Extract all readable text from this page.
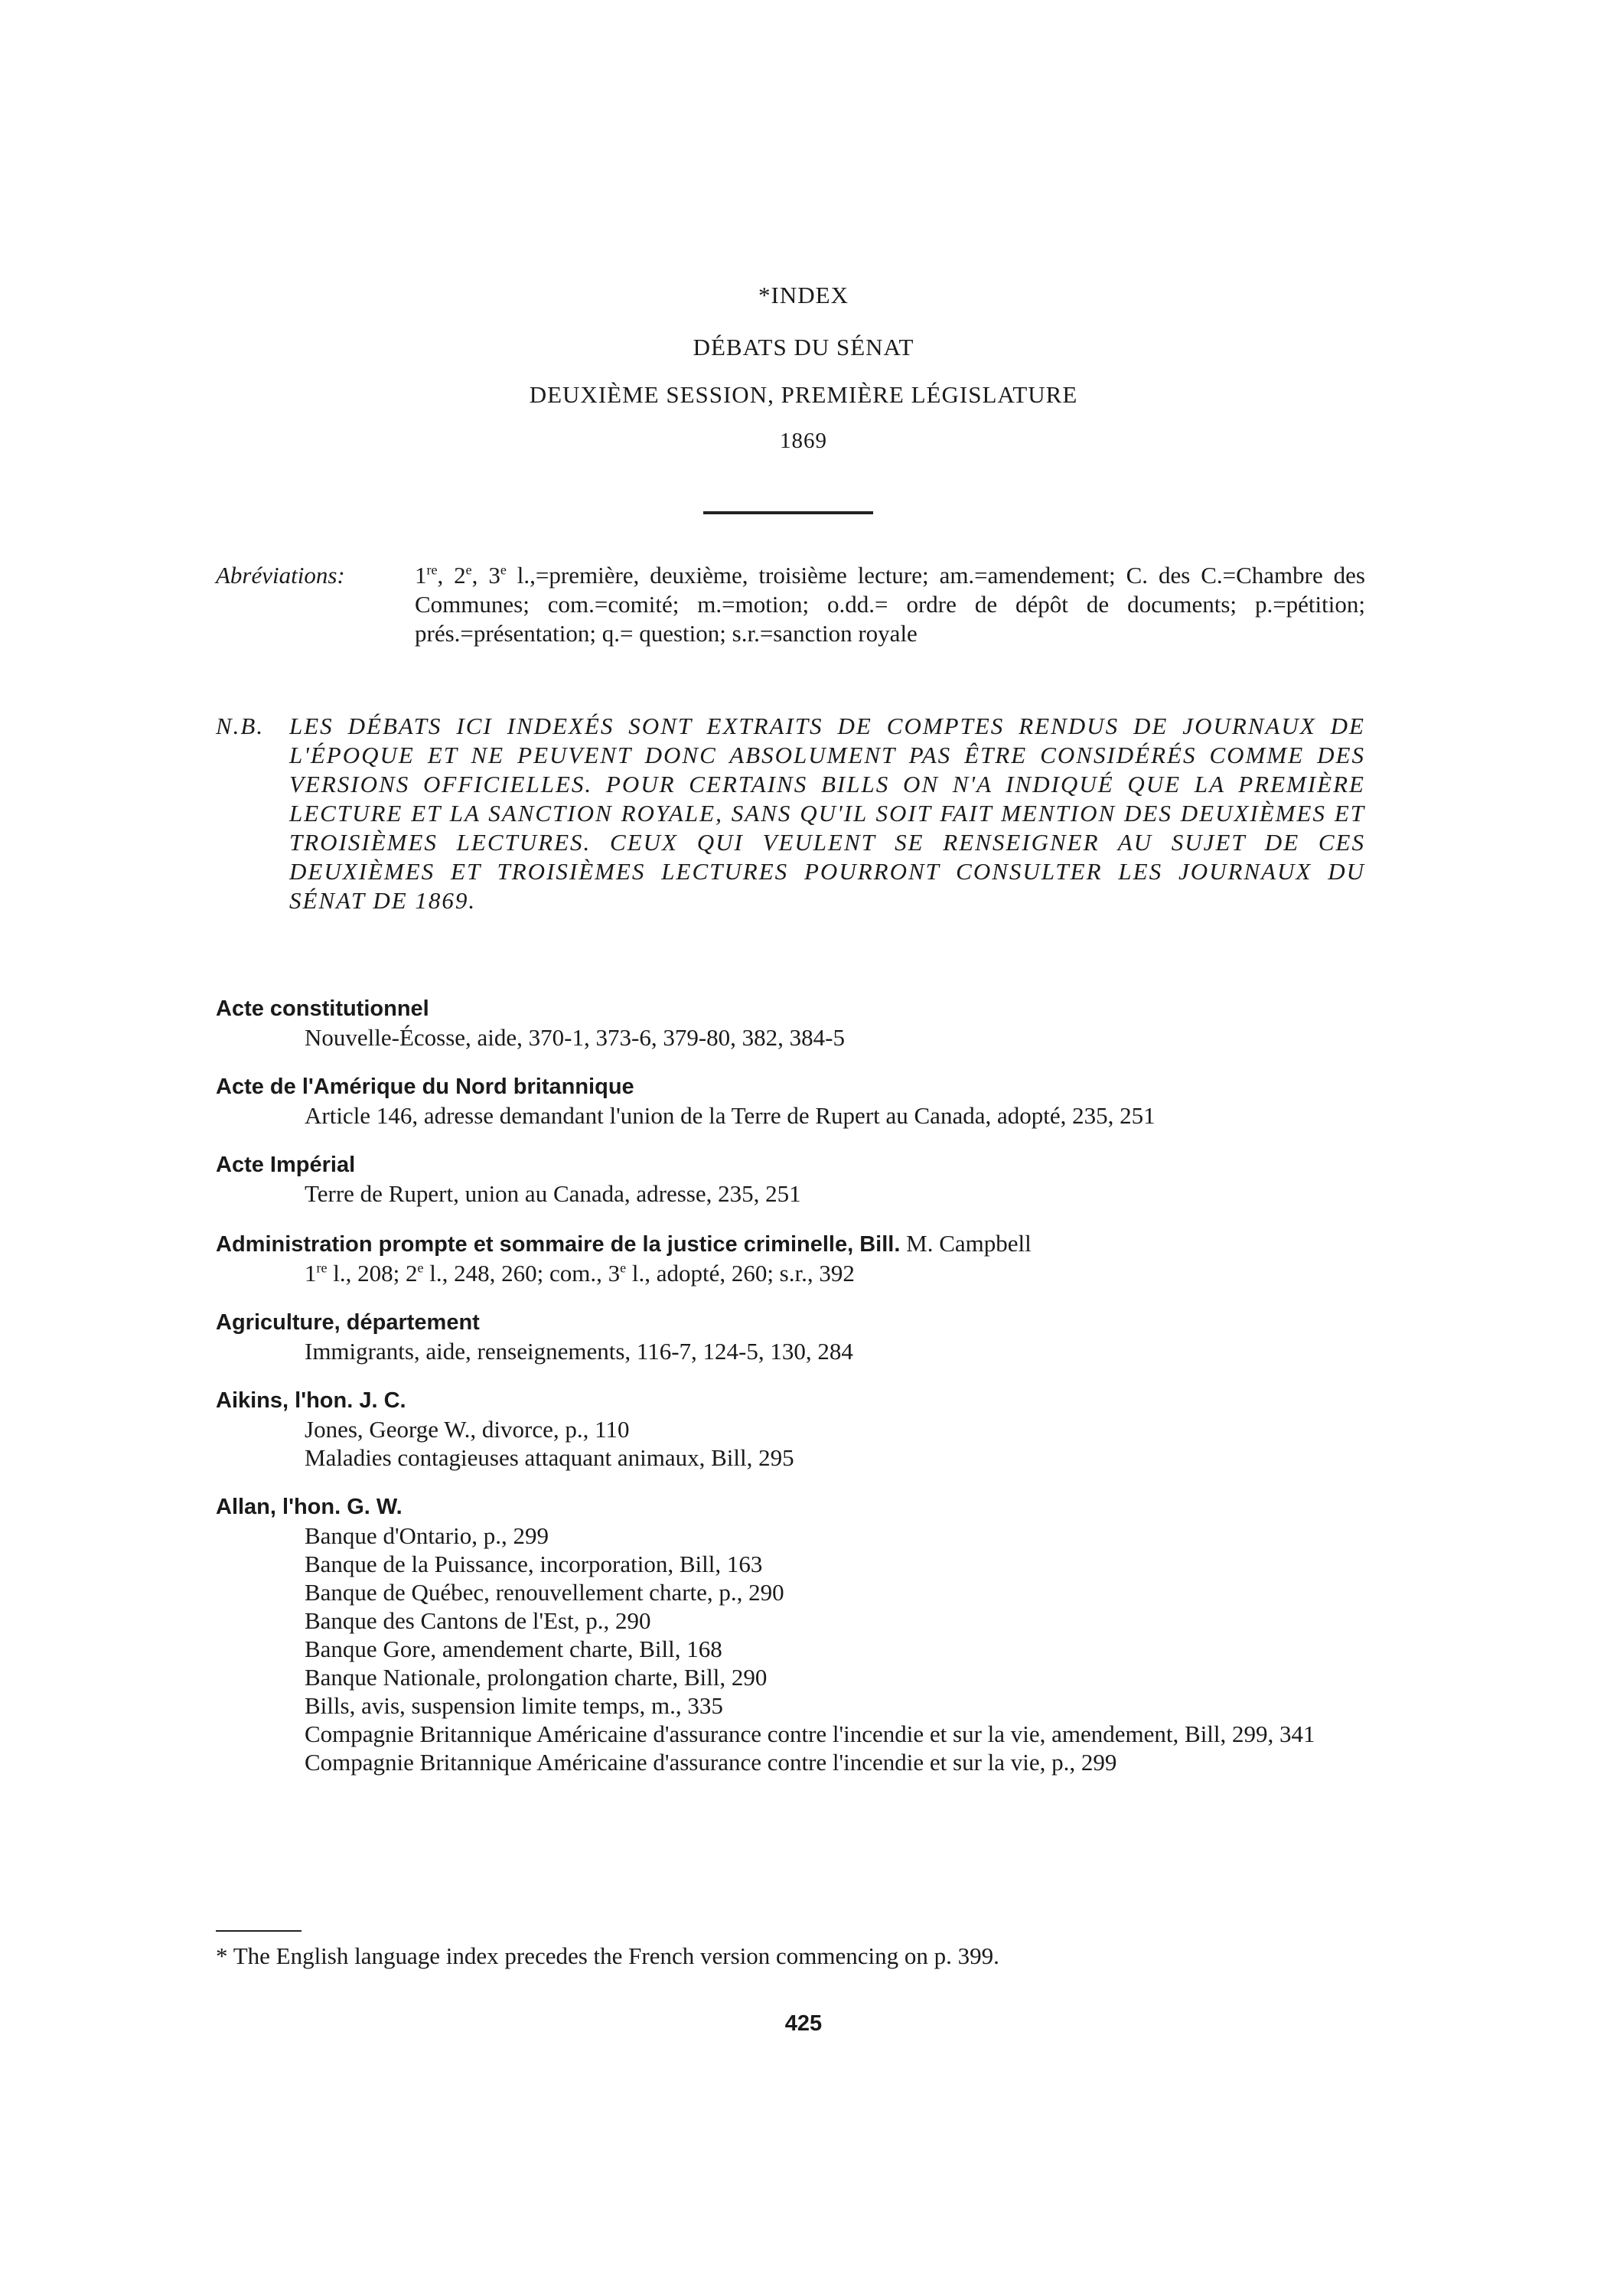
*INDEX
DÉBATS DU SÉNAT
DEUXIÈME SESSION, PREMIÈRE LÉGISLATURE
1869
Abréviations:	1re, 2e, 3e l.,=première, deuxième, troisième lecture; am.=amendement; C. des C.=Chambre des Communes; com.=comité; m.=motion; o.dd.= ordre de dépôt de documents; p.=pétition; prés.=présentation; q.= question; s.r.=sanction royale
N.B. LES DÉBATS ICI INDEXÉS SONT EXTRAITS DE COMPTES RENDUS DE JOURNAUX DE L'ÉPOQUE ET NE PEUVENT DONC ABSOLUMENT PAS ÊTRE CONSIDÉRÉS COMME DES VERSIONS OFFICIELLES. POUR CERTAINS BILLS ON N'A INDIQUÉ QUE LA PREMIÈRE LECTURE ET LA SANCTION ROYALE, SANS QU'IL SOIT FAIT MENTION DES DEUXIÈMES ET TROISIÈMES LECTURES. CEUX QUI VEULENT SE RENSEIGNER AU SUJET DE CES DEUXIÈMES ET TROISIÈMES LECTURES POURRONT CONSULTER LES JOURNAUX DU SÉNAT DE 1869.
Acte constitutionnel
Nouvelle-Écosse, aide, 370-1, 373-6, 379-80, 382, 384-5
Acte de l'Amérique du Nord britannique
Article 146, adresse demandant l'union de la Terre de Rupert au Canada, adopté, 235, 251
Acte Impérial
Terre de Rupert, union au Canada, adresse, 235, 251
Administration prompte et sommaire de la justice criminelle, Bill. M. Campbell
1re l., 208; 2e l., 248, 260; com., 3e l., adopté, 260; s.r., 392
Agriculture, département
Immigrants, aide, renseignements, 116-7, 124-5, 130, 284
Aikins, l'hon. J. C.
Jones, George W., divorce, p., 110
Maladies contagieuses attaquant animaux, Bill, 295
Allan, l'hon. G. W.
Banque d'Ontario, p., 299
Banque de la Puissance, incorporation, Bill, 163
Banque de Québec, renouvellement charte, p., 290
Banque des Cantons de l'Est, p., 290
Banque Gore, amendement charte, Bill, 168
Banque Nationale, prolongation charte, Bill, 290
Bills, avis, suspension limite temps, m., 335
Compagnie Britannique Américaine d'assurance contre l'incendie et sur la vie, amendement, Bill, 299, 341
Compagnie Britannique Américaine d'assurance contre l'incendie et sur la vie, p., 299
* The English language index precedes the French version commencing on p. 399.
425
